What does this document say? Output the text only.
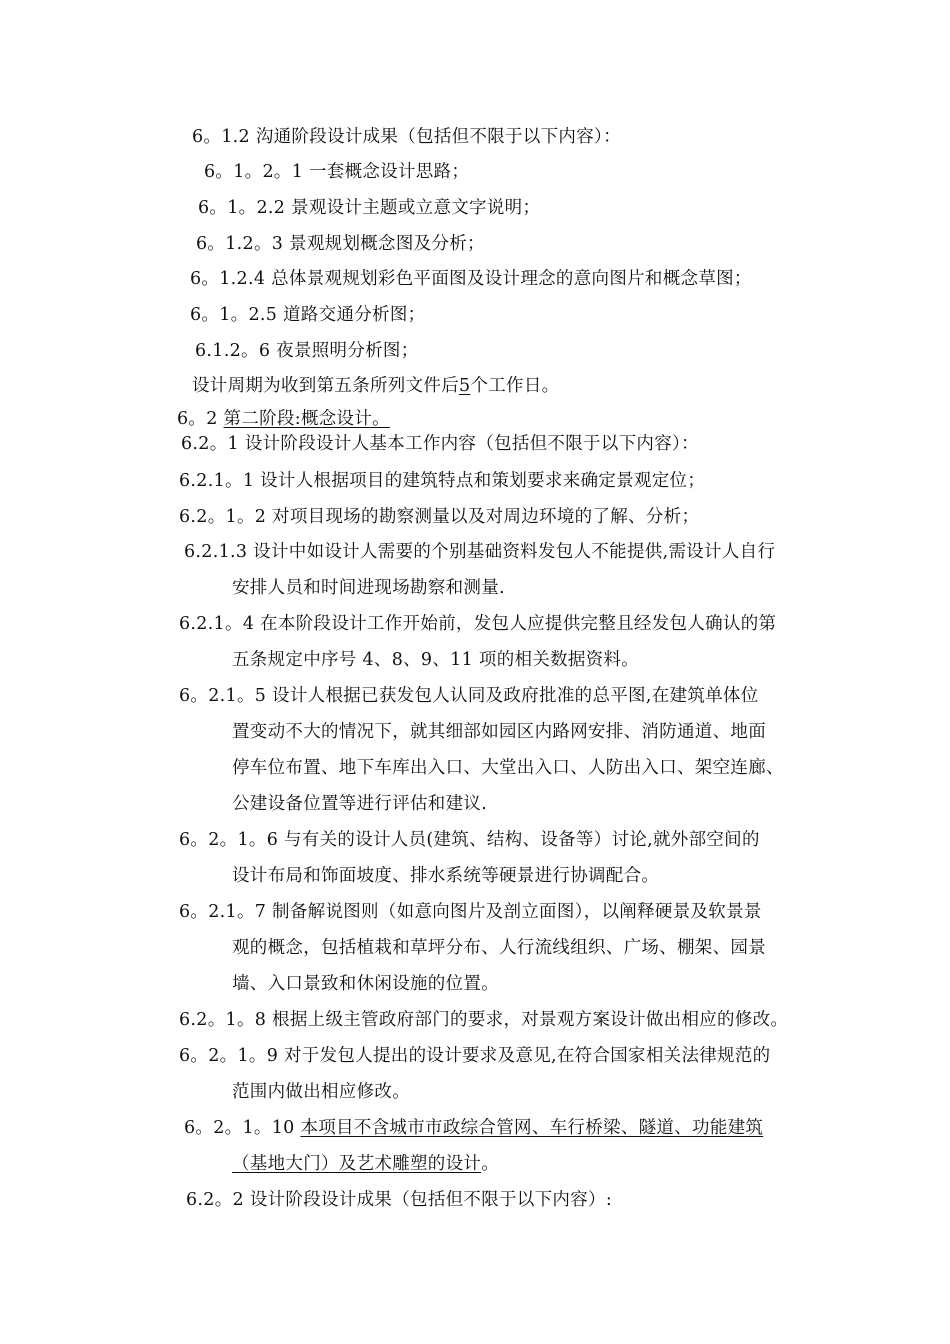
6。1.2 沟通阶段设计成果（包括但不限于以下内容）：
6。1。2。1 一套概念设计思路；
6。1。2.2 景观设计主题或立意文字说明；
6。1.2。3 景观规划概念图及分析；
6。1.2.4 总体景观规划彩色平面图及设计理念的意向图片和概念草图；
6。1。2.5 道路交通分析图；
6.1.2。6 夜景照明分析图；
设计周期为收到第五条所列文件后5个工作日。
6。2 第二阶段:概念设计。
6.2。1 设计阶段设计人基本工作内容（包括但不限于以下内容）：
6.2.1。1 设计人根据项目的建筑特点和策划要求来确定景观定位；
6.2。1。2 对项目现场的勘察测量以及对周边环境的了解、分析；
6.2.1.3 设计中如设计人需要的个别基础资料发包人不能提供,需设计人自行
安排人员和时间进现场勘察和测量.
6.2.1。4 在本阶段设计工作开始前，发包人应提供完整且经发包人确认的第
五条规定中序号 4、8、9、11 项的相关数据资料。
6。2.1。5 设计人根据已获发包人认同及政府批准的总平图,在建筑单体位
置变动不大的情况下，就其细部如园区内路网安排、消防通道、地面
停车位布置、地下车库出入口、大堂出入口、人防出入口、架空连廊、
公建设备位置等进行评估和建议.
6。2。1。6 与有关的设计人员(建筑、结构、设备等）讨论,就外部空间的
设计布局和饰面坡度、排水系统等硬景进行协调配合。
6。2.1。7 制备解说图则（如意向图片及剖立面图），以阐释硬景及软景景
观的概念，包括植栽和草坪分布、人行流线组织、广场、棚架、园景
墙、入口景致和休闲设施的位置。
6.2。1。8 根据上级主管政府部门的要求，对景观方案设计做出相应的修改。
6。2。1。9 对于发包人提出的设计要求及意见,在符合国家相关法律规范的
范围内做出相应修改。
6。2。1。10 本项目不含城市市政综合管网、车行桥梁、隧道、功能建筑
（基地大门）及艺术雕塑的设计。
6.2。2 设计阶段设计成果（包括但不限于以下内容）:
